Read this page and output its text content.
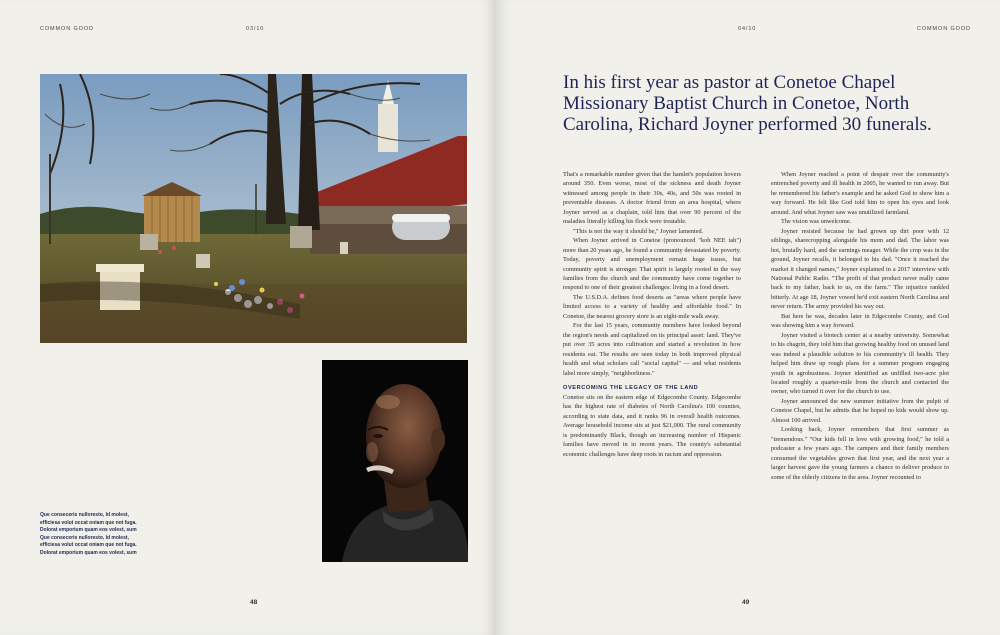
COMMON GOOD	03/10
Que conseceris nulloresto, Id molest,
efficiesa volut occat oniam que not fuga.
Dolorat emporium quam eos volest, sum
Que conseceris nulloresto, Id molest,
efficiesa volut occat oniam que not fuga.
Dolorat emporium quam eos volest, sum
48
04/10	COMMON GOOD
49
In his first year as pastor at Conetoe Chapel Missionary Baptist Church in Conetoe, North Carolina, Richard Joyner performed 30 funerals.

That's a remarkable number given that the hamlet's population hovers around 350. Even worse, most of the sickness and death Joyner witnessed among people in their 30s, 40s, and 50s was rooted in preventable diseases. A doctor friend from an area hospital, where Joyner served as a chaplain, told him that over 90 percent of the maladies literally killing his flock were treatable.

"This is not the way it should be," Joyner lamented.

When Joyner arrived in Conetoe (pronounced "koh NEE tah") more than 20 years ago, he found a community devastated by poverty. Today, poverty and unemployment remain huge issues, but community spirit is stronger. That spirit is largely rooted in the way families from the church and the community have come together to respond to one of their greatest challenges: living in a food desert.

The U.S.D.A. defines food deserts as "areas where people have limited access to a variety of healthy and affordable food." In Conetoe, the nearest grocery store is an eight-mile walk away.

For the last 15 years, community members have looked beyond the region's needs and capitalized on its principal asset: land. They've put over 35 acres into cultivation and started a revolution in how residents eat. The results are seen today in both improved physical health and what scholars call "social capital" — and what residents label more simply, "neighborliness."

OVERCOMING THE LEGACY OF THE LAND

Conetoe sits on the eastern edge of Edgecombe County. Edgecombe has the highest rate of diabetes of North Carolina's 100 counties, according to state data, and it ranks 96 in overall health outcomes. Average household income sits at just $21,000. The rural community is predominantly Black, though an increasing number of Hispanic families have moved in in recent years. The county's substantial economic challenges have deep roots in racism and oppression.

When Joyner reached a point of despair over the community's entrenched poverty and ill health in 2005, he wanted to run away. But he remembered his father's example and he asked God to show him a way forward. He felt like God told him to open his eyes and look around. And what Joyner saw was unutilized farmland.

The vision was unwelcome.

Joyner resisted because he had grown up dirt poor with 12 siblings, sharecropping alongside his mom and dad. The labor was hot, brutally hard, and the earnings meager. While the crop was in the ground, Joyner recalls, it belonged to his dad. "Once it reached the market it changed names," Joyner explained in a 2017 interview with National Public Radio. "The profit of that product never really came back to my father, back to us, on the farm." The injustice rankled bitterly. At age 18, Joyner vowed he'd exit eastern North Carolina and never return. The army provided his way out.

But here he was, decades later in Edgecombe County, and God was showing him a way forward.

Joyner visited a biotech center at a nearby university. Somewhat to his chagrin, they told him that growing healthy food on unused land was indeed a plausible solution to his community's ill health. They helped him draw up rough plans for a summer program engaging youth in agrobusiness. Joyner identified an unfilled two-acre plot located roughly a quarter-mile from the church and contacted the owner, who turned it over for the church to use.

Joyner announced the new summer initiative from the pulpit of Conetoe Chapel, but he admits that he hoped no kids would show up. Almost 100 arrived.

Looking back, Joyner remembers that first summer as "tremendous." "Our kids fell in love with growing food," he told a podcaster a few years ago. The campers and their family members consumed the vegetables grown that first year, and the next year a larger harvest gave the young farmers a chance to deliver produce to some of the elderly citizens in the area. Joyner recounted to
